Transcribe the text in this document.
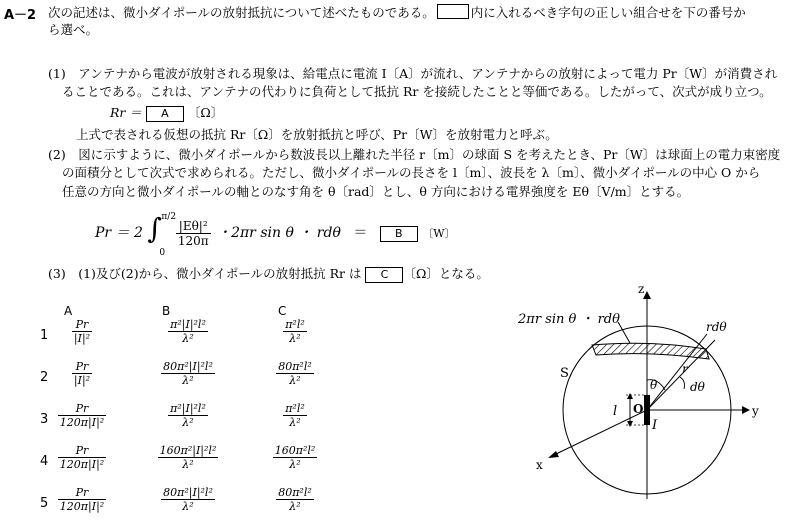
A－2 次の記述は、微小ダイポールの放射抵抗について述べたものである。	内に入れるべき字句の正しい組合せを下の番号か
ら選べ。
(1)　アンテナから電波が放射される現象は、給電点に電流 I〔A〕が流れ、アンテナからの放射によって電力 Pr〔W〕が消費され
ることである。これは、アンテナの代わりに負荷として抵抗 Rr を接続したことと等価である。したがって、次式が成り立つ。
Rr ＝ A 〔Ω〕
上式で表される仮想の抵抗 Rr〔Ω〕を放射抵抗と呼び、Pr〔W〕を放射電力と呼ぶ。
(2)　図に示すように、微小ダイポールから数波長以上離れた半径 r〔m〕の球面 S を考えたとき、Pr〔W〕は球面上の電力束密度
の面積分として次式で求められる。ただし、微小ダイポールの長さを l〔m〕、波長を λ〔m〕、微小ダイポールの中心 O から
任意の方向と微小ダイポールの軸とのなす角を θ〔rad〕とし、θ 方向における電界強度を Eθ〔V/m〕とする。
Pr ＝ 2 ∫ π/2
0

$\frac{\text{|Eθ|²}}{120\pi}$ ・2πr sin θ ・ rdθ ＝	B 〔W〕
(3)　(1)及び(2)から、微小ダイポールの放射抵抗 Rr は C 〔Ω〕となる。
A	B	C
$1 \frac{Pr}{\text{|I|²}}$	$\frac{\text{π²|I|²l²}}{\text{λ²}}$	$\frac{\text{π²l²}}{\text{λ²}}$
$2 \frac{Pr}{\text{|I|²}}$	$\frac{\text{80π²|I|²l²}}{\text{λ²}}$	$\frac{\text{80π²l²}}{\text{λ²}}$
$3 \frac{Pr}{\text{120π|I|²}}$	$\frac{\text{π²|I|²l²}}{\text{λ²}}$	$\frac{\text{π²l²}}{\text{λ²}}$
$4 \frac{Pr}{\text{120π|I|²}}$	$\frac{\text{160π²|I|²l²}}{\text{λ²}}$	$\frac{\text{160π²l²}}{\text{λ²}}$
$5 \frac{Pr}{\text{120π|I|²}}$	$\frac{\text{80π²|I|²l²}}{\text{λ²}}$	$\frac{\text{80π²l²}}{\text{λ²}}$
2πr sin θ ・ rdθ	rdθ
r
dθ
θ
S
z
y
x
O
l
I
